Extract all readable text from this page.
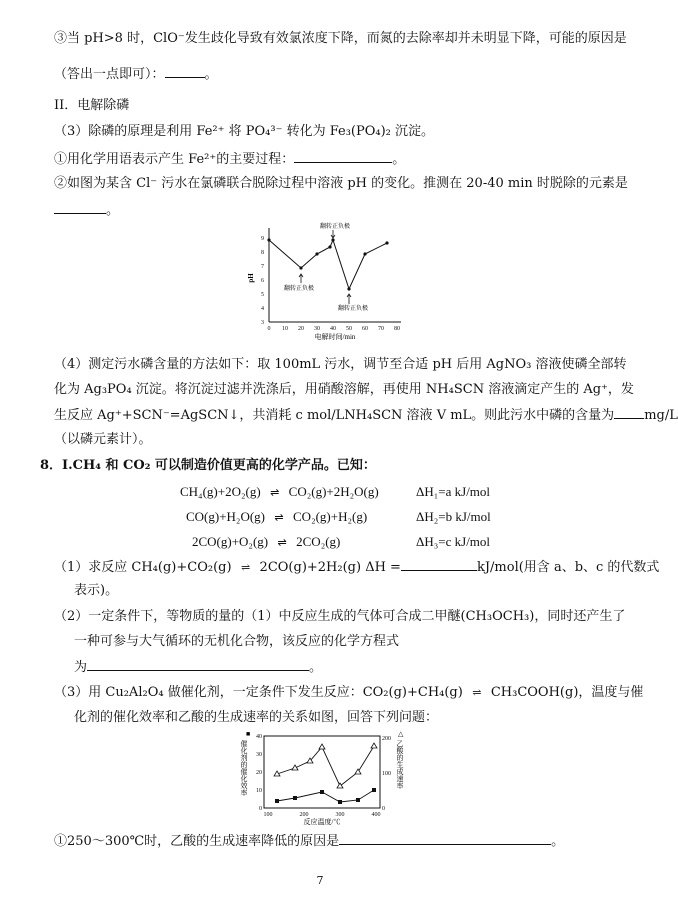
③当 pH>8 时，ClO⁻发生歧化导致有效氯浓度下降，而氮的去除率却并未明显下降，可能的原因是
（答出一点即可）：	。
II．电解除磷
（3）除磷的原理是利用 Fe²⁺ 将 PO₄³⁻ 转化为 Fe₃(PO₄)₂ 沉淀。
①用化学用语表示产生 Fe²⁺的主要过程：	。
②如图为某含 Cl⁻ 污水在氯磷联合脱除过程中溶液 pH 的变化。推测在 20-40 min 时脱除的元素是
。
3
4
5
6
7
8
9
0 10 20 30 40 50 60 70 80
pH
电解时间/min
翻转正负极
翻转正负极
翻转正负极
（4）测定污水磷含量的方法如下：取 100mL 污水，调节至合适 pH 后用 AgNO₃ 溶液使磷全部转
化为 Ag₃PO₄ 沉淀。将沉淀过滤并洗涤后，用硝酸溶解，再使用 NH₄SCN 溶液滴定产生的 Ag⁺，发
生反应 Ag⁺+SCN⁻=AgSCN↓，共消耗 c mol/LNH₄SCN 溶液 V mL。则此污水中磷的含量为 mg/L
（以磷元素计）。
8．I.CH₄ 和 CO₂ 可以制造价值更高的化学产品。已知：
CH₄(g)+2O₂(g) ⇌ CO₂(g)+2H₂O(g)	ΔH₁=a kJ/mol
CO(g)+H₂O(g) ⇌ CO₂(g)+H₂(g)	ΔH₂=b kJ/mol
2CO(g)+O₂(g) ⇌ 2CO₂(g)	ΔH₃=c kJ/mol
（1）求反应 CH₄(g)+CO₂(g) ⇌ 2CO(g)+2H₂(g) ΔH =	kJ/mol(用含 a、b、c 的代数式
表示)。
（2）一定条件下，等物质的量的（1）中反应生成的气体可合成二甲醚(CH₃OCH₃)，同时还产生了
一种可参与大气循环的无机化合物，该反应的化学方程式
为	。
（3）用 Cu₂Al₂O₄ 做催化剂，一定条件下发生反应：CO₂(g)+CH₄(g) ⇌ CH₃COOH(g)，温度与催
化剂的催化效率和乙酸的生成速率的关系如图，回答下列问题：
■
催化剂的催化效率
△
乙酸的生成速率
0
10
20
30
40
0
100
200
100	200	300	400
反应温度/℃
①250～300℃时，乙酸的生成速率降低的原因是	。
7
